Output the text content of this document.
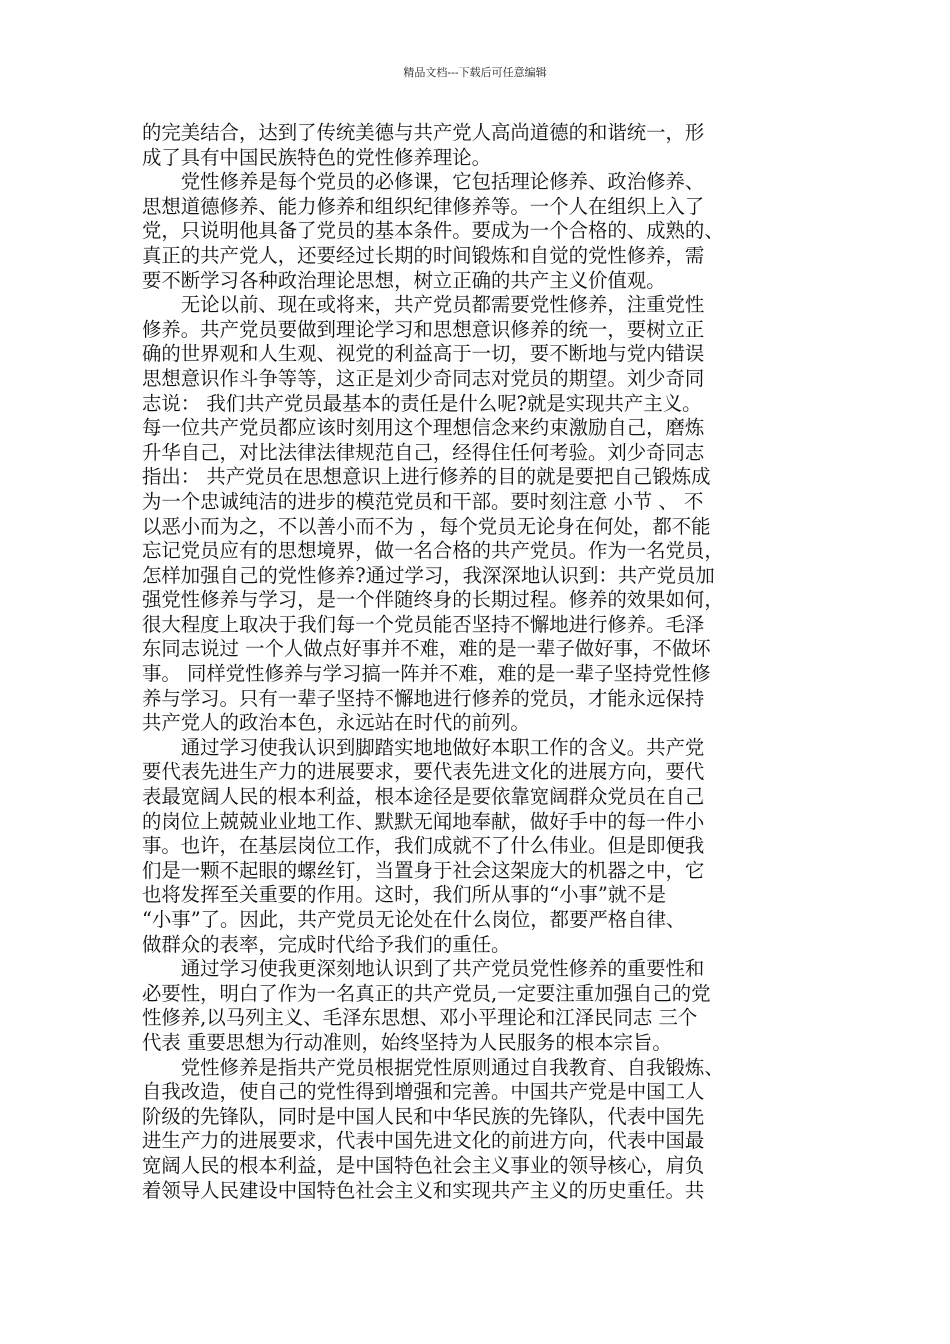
精品文档---下载后可任意编辑
的完美结合，达到了传统美德与共产党人高尚道德的和谐统一，形
成了具有中国民族特色的党性修养理论。
　　党性修养是每个党员的必修课，它包括理论修养、政治修养、
思想道德修养、能力修养和组织纪律修养等。一个人在组织上入了
党，只说明他具备了党员的基本条件。要成为一个合格的、成熟的、
真正的共产党人，还要经过长期的时间锻炼和自觉的党性修养，需
要不断学习各种政治理论思想，树立正确的共产主义价值观。
　　无论以前、现在或将来，共产党员都需要党性修养，注重党性
修养。共产党员要做到理论学习和思想意识修养的统一，要树立正
确的世界观和人生观、视党的利益高于一切，要不断地与党内错误
思想意识作斗争等等，这正是刘少奇同志对党员的期望。刘少奇同
志说： 我们共产党员最基本的责任是什么呢?就是实现共产主义。
每一位共产党员都应该时刻用这个理想信念来约束激励自己，磨炼
升华自己，对比法律法律规范自己，经得住任何考验。刘少奇同志
指出： 共产党员在思想意识上进行修养的目的就是要把自己锻炼成
为一个忠诚纯洁的进步的模范党员和干部。要时刻注意 小节 、 不
以恶小而为之，不以善小而不为 ，每个党员无论身在何处，都不能
忘记党员应有的思想境界，做一名合格的共产党员。作为一名党员，
怎样加强自己的党性修养?通过学习，我深深地认识到：共产党员加
强党性修养与学习，是一个伴随终身的长期过程。修养的效果如何，
很大程度上取决于我们每一个党员能否坚持不懈地进行修养。毛泽
东同志说过 一个人做点好事并不难，难的是一辈子做好事，不做坏
事。 同样党性修养与学习搞一阵并不难，难的是一辈子坚持党性修
养与学习。只有一辈子坚持不懈地进行修养的党员，才能永远保持
共产党人的政治本色，永远站在时代的前列。
　　通过学习使我认识到脚踏实地地做好本职工作的含义。共产党
要代表先进生产力的进展要求，要代表先进文化的进展方向，要代
表最宽阔人民的根本利益，根本途径是要依靠宽阔群众党员在自己
的岗位上兢兢业业地工作、默默无闻地奉献，做好手中的每一件小
事。也许，在基层岗位工作，我们成就不了什么伟业。但是即便我
们是一颗不起眼的螺丝钉，当置身于社会这架庞大的机器之中，它
也将发挥至关重要的作用。这时，我们所从事的“小事”就不是
“小事”了。因此，共产党员无论处在什么岗位，都要严格自律、
做群众的表率，完成时代给予我们的重任。
　　通过学习使我更深刻地认识到了共产党员党性修养的重要性和
必要性，明白了作为一名真正的共产党员,一定要注重加强自己的党
性修养,以马列主义、毛泽东思想、邓小平理论和江泽民同志 三个
代表 重要思想为行动准则，始终坚持为人民服务的根本宗旨。
　　党性修养是指共产党员根据党性原则通过自我教育、自我锻炼、
自我改造，使自己的党性得到增强和完善。中国共产党是中国工人
阶级的先锋队，同时是中国人民和中华民族的先锋队，代表中国先
进生产力的进展要求，代表中国先进文化的前进方向，代表中国最
宽阔人民的根本利益，是中国特色社会主义事业的领导核心，肩负
着领导人民建设中国特色社会主义和实现共产主义的历史重任。共
